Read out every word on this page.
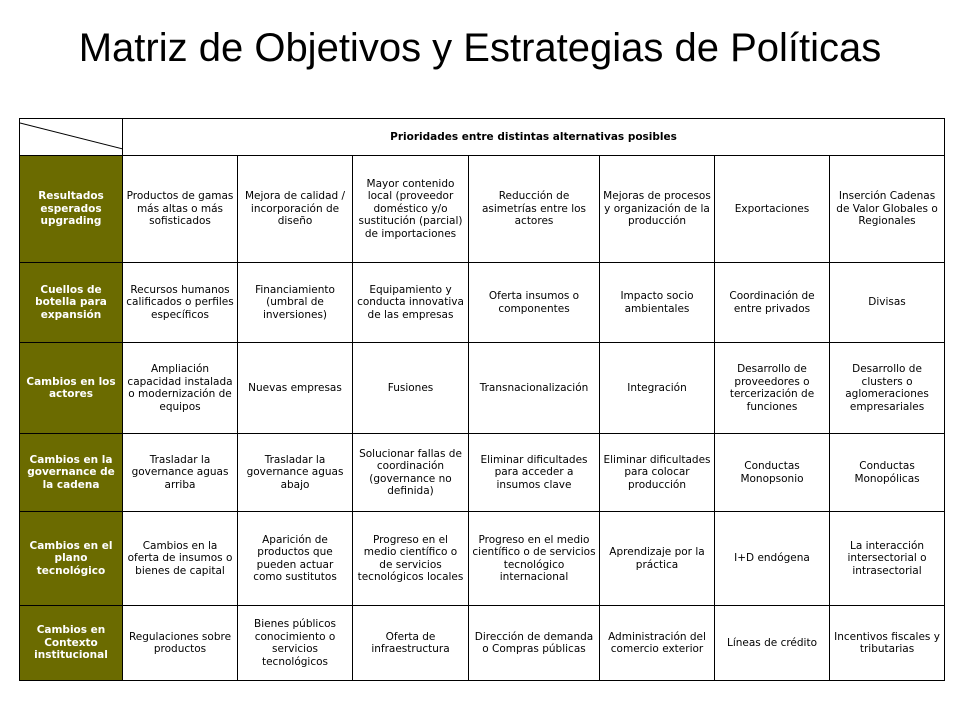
Matriz de Objetivos y Estrategias de Políticas
	Prioridades entre distintas alternativas posibles						
Resultados esperados upgrading	Productos de gamas más altas o más sofisticados	Mejora de calidad / incorporación de diseño	Mayor contenido local (proveedor doméstico y/o sustitución (parcial) de importaciones	Reducción de asimetrías entre los actores	Mejoras de procesos y organización de la producción	Exportaciones	Inserción Cadenas de Valor Globales o Regionales
Cuellos de botella para expansión	Recursos humanos calificados o perfiles específicos	Financiamiento (umbral de inversiones)	Equipamiento y conducta innovativa de las empresas	Oferta insumos o componentes	Impacto socio ambientales	Coordinación de entre privados	Divisas
Cambios en los actores	Ampliación capacidad instalada o modernización de equipos	Nuevas empresas	Fusiones	Transnacionalización	Integración	Desarrollo de proveedores o tercerización de funciones	Desarrollo de clusters o aglomeraciones empresariales
Cambios en la governance de la cadena	Trasladar la governance aguas arriba	Trasladar la governance aguas abajo	Solucionar fallas de coordinación (governance no definida)	Eliminar dificultades para acceder a insumos clave	Eliminar dificultades para colocar producción	Conductas Monopsonio	Conductas Monopólicas
Cambios en el plano tecnológico	Cambios en la oferta de insumos o bienes de capital	Aparición de productos que pueden actuar como sustitutos	Progreso en el medio científico o de servicios tecnológicos locales	Progreso en el medio científico o de servicios tecnológico internacional	Aprendizaje por la práctica	I+D endógena	La interacción intersectorial o intrasectorial
Cambios en Contexto institucional	Regulaciones sobre productos	Bienes públicos conocimiento o servicios tecnológicos	Oferta de infraestructura	Dirección de demanda o Compras públicas	Administración del comercio exterior	Líneas de crédito	Incentivos fiscales y tributarias
